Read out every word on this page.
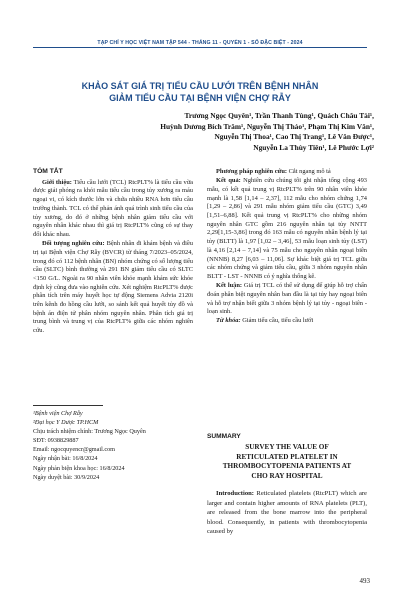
TẠP CHÍ Y HỌC VIỆT NAM TẬP 544 - THÁNG 11 - QUYỂN 1 - SỐ ĐẶC BIỆT - 2024
KHẢO SÁT GIÁ TRỊ TIỂU CẦU LƯỚI TRÊN BỆNH NHÂN
GIẢM TIỂU CẦU TẠI BỆNH VIỆN CHỢ RẪY
Trương Ngọc Quyên¹, Trần Thanh Tùng¹, Quách Châu Tài¹,
Huỳnh Dương Bích Trâm¹, Nguyễn Thị Thảo¹, Phạm Thị Kim Vân¹,
Nguyễn Thị Thoa¹, Cao Thị Trang¹, Lê Văn Được¹,
Nguyễn La Thùy Tiên¹, Lê Phước Lợi²
TÓM TẮT

Giới thiệu: Tiểu cầu lưới (TCL) RtcPLT% là tiểu cầu vừa được giải phóng ra khỏi mẫu tiểu cầu trong tủy xương ra máu ngoại vi, có kích thước lớn và chứa nhiều RNA hơn tiểu cầu trưởng thành. TCL có thể phản ánh quá trình sinh tiểu cầu của tủy xương, do đó ở những bệnh nhân giảm tiểu cầu với nguyên nhân khác nhau thì giá trị RtcPLT% cũng có sự thay đổi khác nhau.

Đối tượng nghiên cứu: Bệnh nhân đi khám bệnh và điều trị tại Bệnh viện Chợ Rẫy (BVCR) từ tháng 7/2023–05/2024, trong đó có 112 bệnh nhân (BN) nhóm chứng có số lượng tiểu cầu (SLTC) bình thường và 291 BN giảm tiểu cầu có SLTC <150 G/L. Ngoài ra 90 nhân viên khỏe mạnh khám sức khỏe định kỳ cũng đưa vào nghiên cứu. Xét nghiệm RtcPLT% được phân tích trên máy huyết học tự động Siemens Advia 2120i trên kênh đo hồng cầu lưới, so sánh kết quả huyết tủy đồ và bệnh án điện tử phân nhóm nguyên nhân. Phân tích giá trị trung bình và trung vị của RtcPLT% giữa các nhóm nghiên cứu.

Phương pháp nghiên cứu: Cắt ngang mô tả

Kết quả: Nghiên cứu chúng tôi ghi nhận tổng cộng 493 mẫu, có kết quả trung vị RtcPLT% trên 90 nhân viên khỏe mạnh là 1,58 [1,14 – 2,37], 112 mẫu cho nhóm chứng 1,74 [1,29 – 2,86] và 291 mẫu nhóm giảm tiểu cầu (GTC) 3,49 [1,51–6,88]. Kết quả trung vị RtcPLT% cho những nhóm nguyên nhân GTC gồm 216 nguyên nhân tại tủy NNTT 2,29[1,15-3,86] trong đó 163 mẫu có nguyên nhân bệnh lý tại tủy (BLTT) là 1,97 [1,02 – 3,46], 53 mẫu loạn sinh tủy (LST) là 4,16 [2,14 – 7,14] và 75 mẫu cho nguyên nhân ngoại biên (NNNB) 8,27 [6,03 – 11,06]. Sự khác biệt giá trị TCL giữa các nhóm chứng và giảm tiểu cầu, giữa 3 nhóm nguyên nhân BLTT - LST - NNNB có ý nghĩa thống kê.

Kết luận: Giá trị TCL có thể sử dụng để giúp hỗ trợ chẩn đoán phân biệt nguyên nhân ban đầu là tại tủy hay ngoại biên và hỗ trợ nhận biết giữa 3 nhóm bệnh lý tại tủy - ngoại biên - loạn sinh.

Từ khóa: Giảm tiểu cầu, tiểu cầu lưới

¹Bệnh viện Chợ Rẫy
²Đại học Y Dược TP.HCM
Chịu trách nhiệm chính: Trương Ngọc Quyên
SĐT: 0938829887
Email: ngocquyencr@gmail.com
Ngày nhận bài: 16/8/2024
Ngày phản biện khoa học: 16/8/2024
Ngày duyệt bài: 30/9/2024
SUMMARY
SURVEY THE VALUE OF
RETICULATED PLATELET IN
THROMBOCYTOPENIA PATIENTS AT
CHO RAY HOSPITAL

Introduction: Reticulated platelets (RtcPLT) which are larger and contain higher amounts of RNA platelets (PLT), are released from the bone marrow into the peripheral blood. Consequently, in patients with thrombocytopenia caused by

493
